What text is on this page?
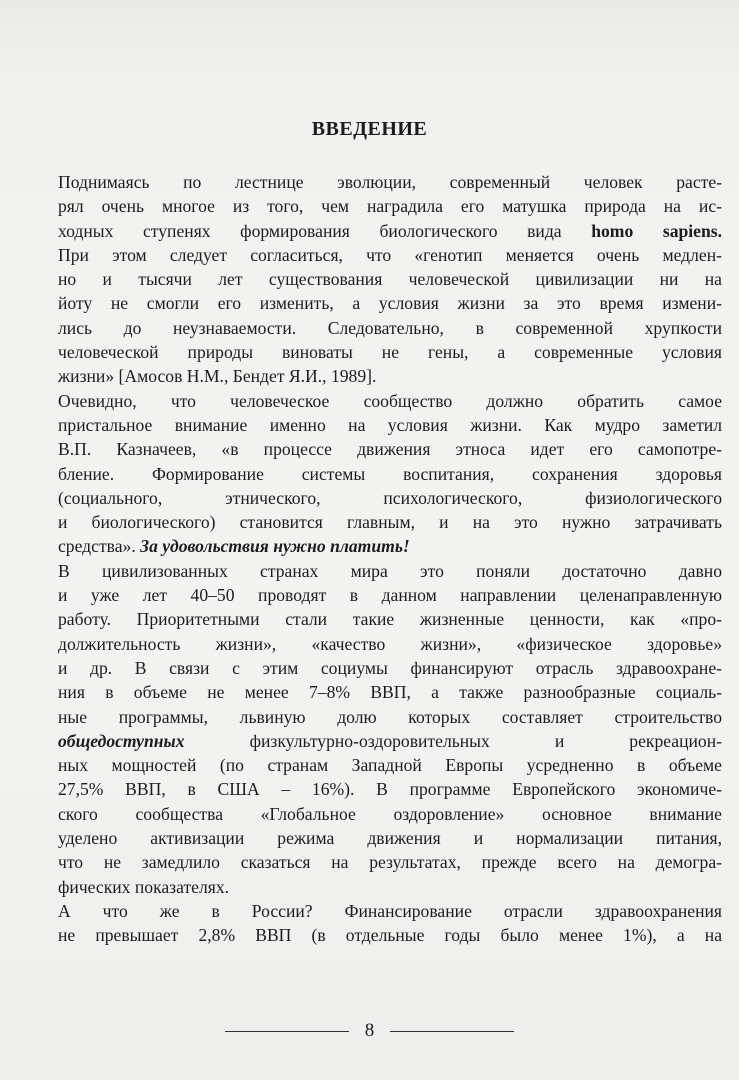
ВВЕДЕНИЕ

Поднимаясь по лестнице эволюции, современный человек расте-
рял очень многое из того, чем наградила его матушка природа на ис-
ходных ступенях формирования биологического вида homo sapiens.
При этом следует согласиться, что «генотип меняется очень медлен-
но и тысячи лет существования человеческой цивилизации ни на
йоту не смогли его изменить, а условия жизни за это время измени-
лись до неузнаваемости. Следовательно, в современной хрупкости
человеческой природы виноваты не гены, а современные условия
жизни» [Амосов Н.М., Бендет Я.И., 1989].

Очевидно, что человеческое сообщество должно обратить самое
пристальное внимание именно на условия жизни. Как мудро заметил
В.П. Казначеев, «в процессе движения этноса идет его самопотре-
бление. Формирование системы воспитания, сохранения здоровья
(социального, этнического, психологического, физиологического
и биологического) становится главным, и на это нужно затрачивать
средства». За удовольствия нужно платить!

В цивилизованных странах мира это поняли достаточно давно
и уже лет 40–50 проводят в данном направлении целенаправленную
работу. Приоритетными стали такие жизненные ценности, как «про-
должительность жизни», «качество жизни», «физическое здоровье»
и др. В связи с этим социумы финансируют отрасль здравоохране-
ния в объеме не менее 7–8% ВВП, а также разнообразные социаль-
ные программы, львиную долю которых составляет строительство
общедоступных физкультурно-оздоровительных и рекреацион-
ных мощностей (по странам Западной Европы усредненно в объеме
27,5% ВВП, в США – 16%). В программе Европейского экономиче-
ского сообщества «Глобальное оздоровление» основное внимание
уделено активизации режима движения и нормализации питания,
что не замедлило сказаться на результатах, прежде всего на демогра-
фических показателях.

А что же в России? Финансирование отрасли здравоохранения
не превышает 2,8% ВВП (в отдельные годы было менее 1%), а на

8
